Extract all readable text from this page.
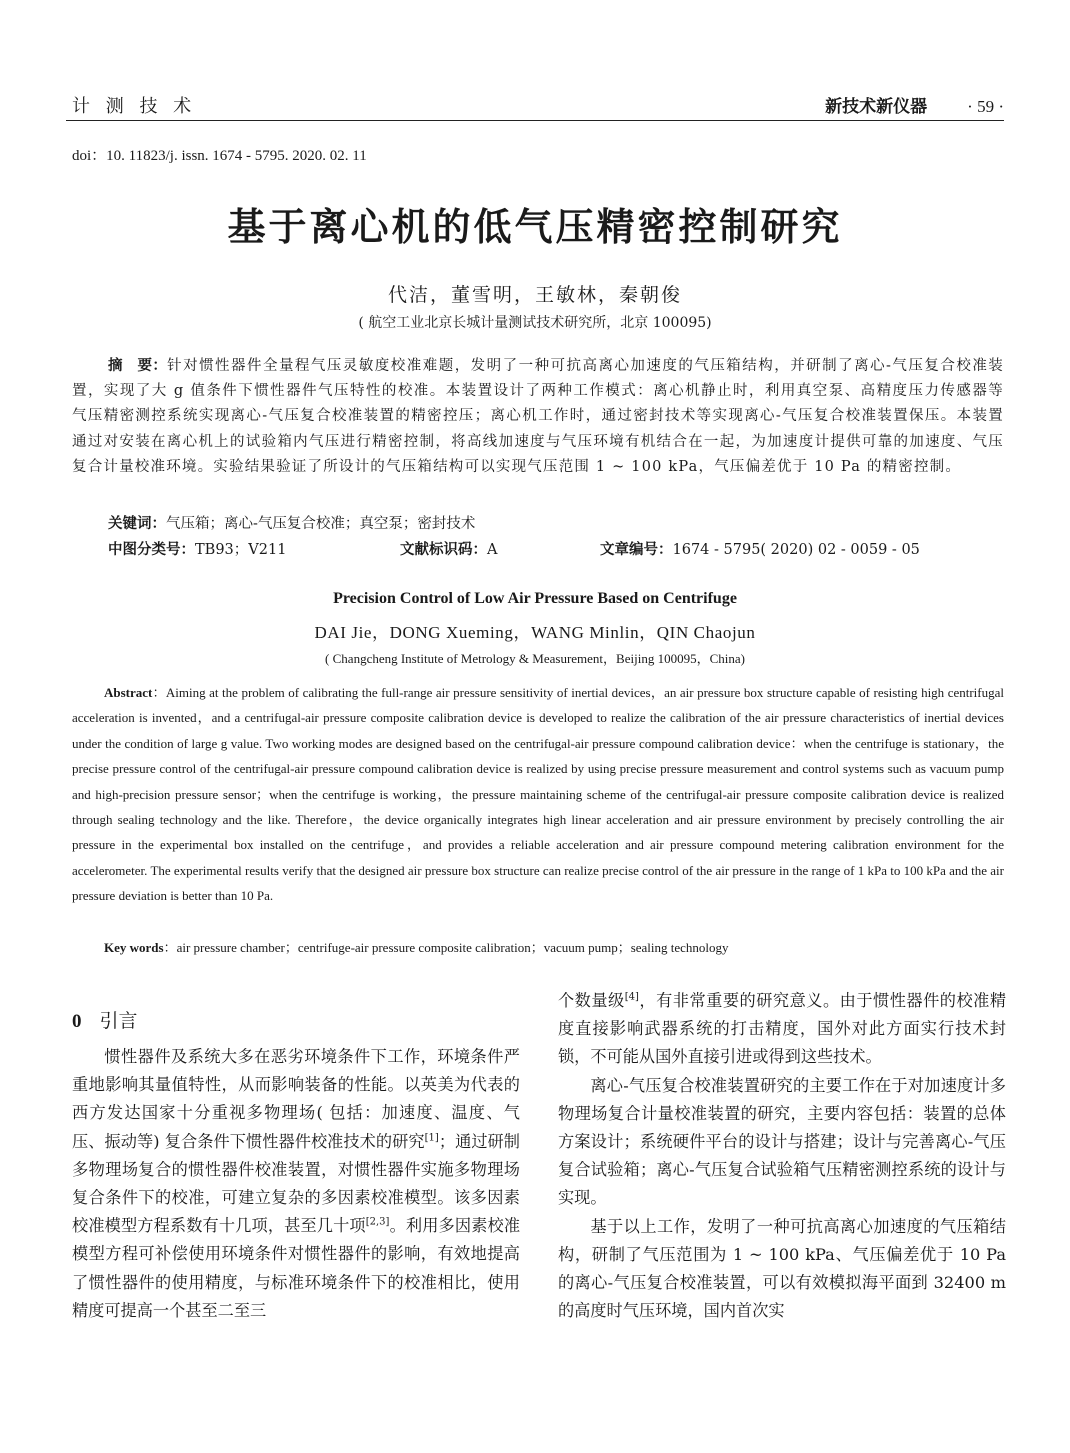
计 测 技 术	新技术新仪器 · 59 ·
doi：10. 11823/j. issn. 1674 - 5795. 2020. 02. 11
基于离心机的低气压精密控制研究
代洁，董雪明，王敏林，秦朝俊
( 航空工业北京长城计量测试技术研究所，北京 100095)
摘　要：针对惯性器件全量程气压灵敏度校准难题，发明了一种可抗高离心加速度的气压箱结构，并研制了离心-气压复合校准装置，实现了大 g 值条件下惯性器件气压特性的校准。本装置设计了两种工作模式：离心机静止时，利用真空泵、高精度压力传感器等气压精密测控系统实现离心-气压复合校准装置的精密控压；离心机工作时，通过密封技术等实现离心-气压复合校准装置保压。本装置通过对安装在离心机上的试验箱内气压进行精密控制，将高线加速度与气压环境有机结合在一起，为加速度计提供可靠的加速度、气压复合计量校准环境。实验结果验证了所设计的气压箱结构可以实现气压范围 1 ~ 100 kPa，气压偏差优于 10 Pa 的精密控制。
关键词：气压箱；离心-气压复合校准；真空泵；密封技术
中图分类号：TB93；V211	文献标识码：A	文章编号：1674 - 5795( 2020) 02 - 0059 - 05
Precision Control of Low Air Pressure Based on Centrifuge
DAI Jie，DONG Xueming，WANG Minlin，QIN Chaojun
( Changcheng Institute of Metrology & Measurement，Beijing 100095，China)
Abstract：Aiming at the problem of calibrating the full-range air pressure sensitivity of inertial devices，an air pressure box structure capable of resisting high centrifugal acceleration is invented，and a centrifugal-air pressure composite calibration device is developed to realize the calibration of the air pressure characteristics of inertial devices under the condition of large g value. Two working modes are designed based on the centrifugal-air pressure compound calibration device：when the centrifuge is stationary，the precise pressure control of the centrifugal-air pressure compound calibration device is realized by using precise pressure measurement and control systems such as vacuum pump and high-precision pressure sensor；when the centrifuge is working，the pressure maintaining scheme of the centrifugal-air pressure composite calibration device is realized through sealing technology and the like. Therefore，the device organically integrates high linear acceleration and air pressure environment by precisely controlling the air pressure in the experimental box installed on the centrifuge，and provides a reliable acceleration and air pressure compound metering calibration environment for the accelerometer. The experimental results verify that the designed air pressure box structure can realize precise control of the air pressure in the range of 1 kPa to 100 kPa and the air pressure deviation is better than 10 Pa.
Key words：air pressure chamber；centrifuge-air pressure composite calibration；vacuum pump；sealing technology
0 引言

惯性器件及系统大多在恶劣环境条件下工作，环境条件严重地影响其量值特性，从而影响装备的性能。以英美为代表的西方发达国家十分重视多物理场( 包括：加速度、温度、气压、振动等) 复合条件下惯性器件校准技术的研究[1]；通过研制多物理场复合的惯性器件校准装置，对惯性器件实施多物理场复合条件下的校准，可建立复杂的多因素校准模型。该多因素校准模型方程系数有十几项，甚至几十项[2,3]。利用多因素校准模型方程可补偿使用环境条件对惯性器件的影响，有效地提高了惯性器件的使用精度，与标准环境条件下的校准相比，使用精度可提高一个甚至二至三

个数量级[4]，有非常重要的研究意义。由于惯性器件的校准精度直接影响武器系统的打击精度，国外对此方面实行技术封锁，不可能从国外直接引进或得到这些技术。

离心-气压复合校准装置研究的主要工作在于对加速度计多物理场复合计量校准装置的研究，主要内容包括：装置的总体方案设计；系统硬件平台的设计与搭建；设计与完善离心-气压复合试验箱；离心-气压复合试验箱气压精密测控系统的设计与实现。

基于以上工作，发明了一种可抗高离心加速度的气压箱结构，研制了气压范围为 1 ~ 100 kPa、气压偏差优于 10 Pa 的离心-气压复合校准装置，可以有效模拟海平面到 32400 m 的高度时气压环境，国内首次实
